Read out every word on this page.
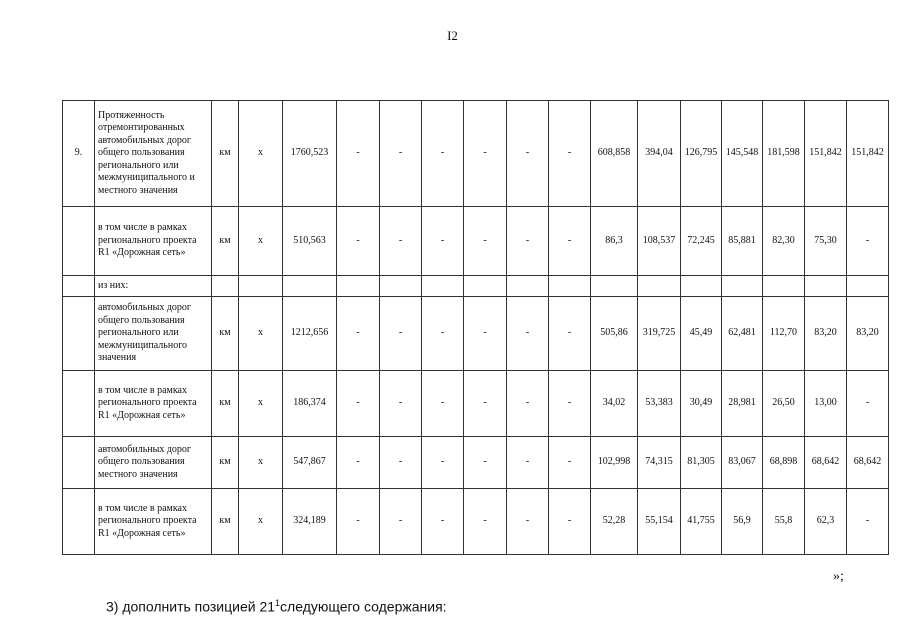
I2
9.	Протяженность отремонтированных автомобильных дорог общего пользования регионального или межмуниципального и местного значения	км	x	1760,523	-	-	-	-	-	-	608,858	394,04	126,795	145,548	181,598	151,842	151,842
	в том числе в рамках регионального проекта R1 «Дорожная сеть»	км	x	510,563	-	-	-	-	-	-	86,3	108,537	72,245	85,881	82,30	75,30	-
	из них:																
	автомобильных дорог общего пользования регионального или межмуниципального значения	км	x	1212,656	-	-	-	-	-	-	505,86	319,725	45,49	62,481	112,70	83,20	83,20
	в том числе в рамках регионального проекта R1 «Дорожная сеть»	км	x	186,374	-	-	-	-	-	-	34,02	53,383	30,49	28,981	26,50	13,00	-
	автомобильных дорог общего пользования местного значения	км	x	547,867	-	-	-	-	-	-	102,998	74,315	81,305	83,067	68,898	68,642	68,642
	в том числе в рамках регионального проекта R1 «Дорожная сеть»	км	x	324,189	-	-	-	-	-	-	52,28	55,154	41,755	56,9	55,8	62,3	-
»;
3) дополнить позицией $21^1следующего$ содержания:
